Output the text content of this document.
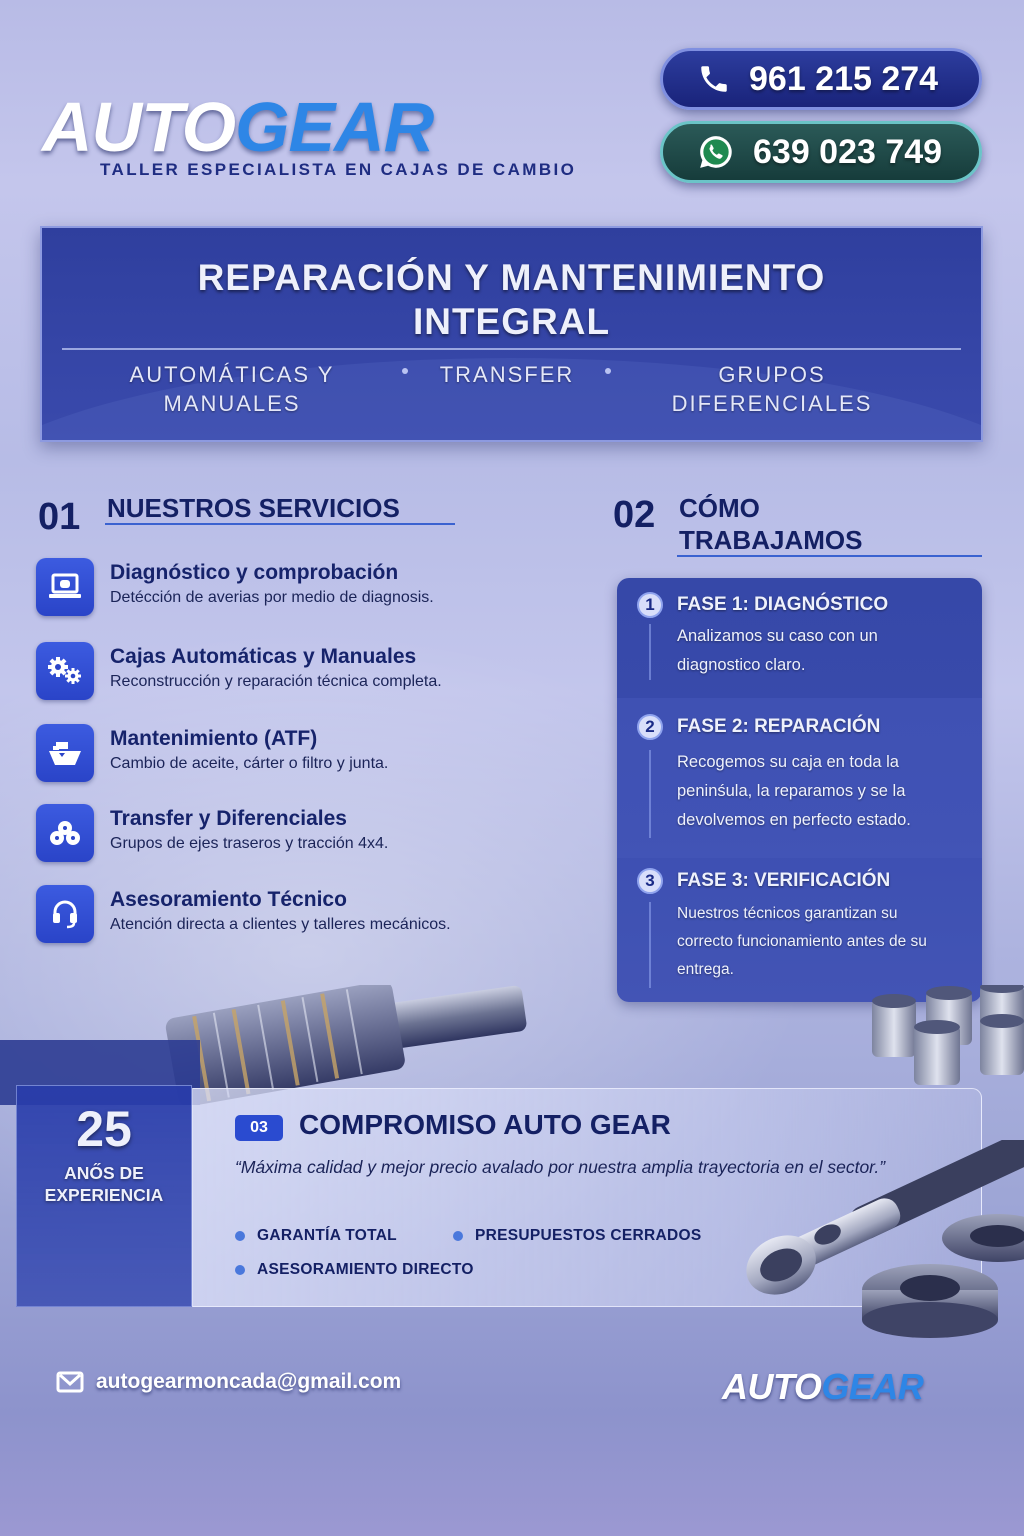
AUTOGEAR
TALLER ESPECIALISTA EN CAJAS DE CAMBIO
961 215 274
639 023 749
REPARACIÓN Y MANTENIMIENTO
INTEGRAL
AUTOMÁTICAS Y
MANUALES
TRANSFER	GRUPOS
DIFERENCIALES
01 NUESTROS SERVICIOS
Diagnóstico y comprobación
Detécción de averias por medio de diagnosis.
Cajas Automáticas y Manuales
Reconstrucción y reparación técnica completa.
Mantenimiento (ATF)
Cambio de aceite, cárter o filtro y junta.
Transfer y Diferenciales
Grupos de ejes traseros y tracción 4x4.
Asesoramiento Técnico
Atención directa a clientes y talleres mecánicos.
02 CÓMO
TRABAJAMOS
1	FASE 1: DIAGNÓSTICO
Analizamos su caso con un diagnostico claro.
2	FASE 2: REPARACIÓN
Recogemos su caja en toda la peninśula, la reparamos y se la devolvemos en perfecto estado.
3	FASE 3: VERIFICACIÓN
Nuestros técnicos garantizan su correcto funcionamiento antes de su entrega.
25
ANŐS DE
EXPERIENCIA
03	COMPROMISO AUTO GEAR
“Máxima calidad y mejor precio avalado por nuestra amplia trayectoria en el sector.”
GARANTÍA TOTAL	PRESUPUESTOS CERRADOS
ASESORAMIENTO DIRECTO
autogearmoncada@gmail.com	AUTOGEAR
